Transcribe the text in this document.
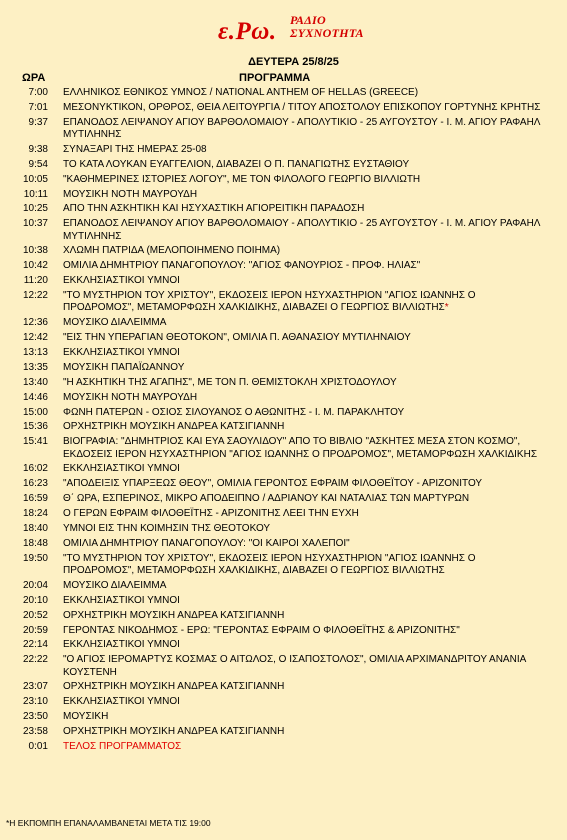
ε.Ρω. ΡΑΔΙΟ
ΣΥΧΝΟΤΗΤΑ
ΔΕΥΤΕΡΑ 25/8/25
ΩΡΑ	ΠΡΟΓΡΑΜΜΑ
7:00	ΕΛΛΗΝΙΚΟΣ ΕΘΝΙΚΟΣ ΥΜΝΟΣ / NATIONAL ANTHEM OF HELLAS (GREECE)
7:01	ΜΕΣΟΝΥΚΤΙΚΟΝ, ΟΡΘΡΟΣ, ΘΕΙΑ ΛΕΙΤΟΥΡΓΙΑ / ΤΙΤΟΥ ΑΠΟΣΤΟΛΟΥ ΕΠΙΣΚΟΠΟΥ ΓΟΡΤΥΝΗΣ ΚΡΗΤΗΣ
9:37	ΕΠΑΝΟΔΟΣ ΛΕΙΨΑΝΟΥ ΑΓΙΟΥ ΒΑΡΘΟΛΟΜΑΙΟΥ - ΑΠΟΛΥΤΙΚΙΟ - 25 ΑΥΓΟΥΣΤΟΥ - Ι. Μ. ΑΓΙΟΥ ΡΑΦΑΗΛ ΜΥΤΙΛΗΝΗΣ
9:38	ΣΥΝΑΞΑΡΙ ΤΗΣ ΗΜΕΡΑΣ 25-08
9:54	ΤΟ ΚΑΤΑ ΛΟΥΚΑΝ ΕΥΑΓΓΕΛΙΟΝ, ΔΙΑΒΑΖΕΙ Ο Π. ΠΑΝΑΓΙΩΤΗΣ ΕΥΣΤΑΘΙΟΥ
10:05	"ΚΑΘΗΜΕΡΙΝΕΣ ΙΣΤΟΡΙΕΣ ΛΟΓΟΥ", ΜΕ ΤΟΝ ΦΙΛΟΛΟΓΟ ΓΕΩΡΓΙΟ ΒΙΛΛΙΩΤΗ
10:11	ΜΟΥΣΙΚΗ ΝΟΤΗ ΜΑΥΡΟΥΔΗ
10:25	ΑΠΟ ΤΗΝ ΑΣΚΗΤΙΚΗ ΚΑΙ ΗΣΥΧΑΣΤΙΚΗ ΑΓΙΟΡΕΙΤΙΚΗ ΠΑΡΑΔΟΣΗ
10:37	ΕΠΑΝΟΔΟΣ ΛΕΙΨΑΝΟΥ ΑΓΙΟΥ ΒΑΡΘΟΛΟΜΑΙΟΥ - ΑΠΟΛΥΤΙΚΙΟ - 25 ΑΥΓΟΥΣΤΟΥ - Ι. Μ. ΑΓΙΟΥ ΡΑΦΑΗΛ ΜΥΤΙΛΗΝΗΣ
10:38	ΧΛΩΜΗ ΠΑΤΡΙΔΑ (ΜΕΛΟΠΟΙΗΜΕΝΟ ΠΟΙΗΜΑ)
10:42	ΟΜΙΛΙΑ ΔΗΜΗΤΡΙΟΥ ΠΑΝΑΓΟΠΟΥΛΟΥ: "ΑΓΙΟΣ ΦΑΝΟΥΡΙΟΣ - ΠΡΟΦ. ΗΛΙΑΣ"
11:20	ΕΚΚΛΗΣΙΑΣΤΙΚΟΙ ΥΜΝΟΙ
12:22	"ΤΟ ΜΥΣΤΗΡΙΟΝ ΤΟΥ ΧΡΙΣΤΟΥ", ΕΚΔΟΣΕΙΣ ΙΕΡΟΝ ΗΣΥΧΑΣΤΗΡΙΟΝ "ΑΓΙΟΣ ΙΩΑΝΝΗΣ Ο ΠΡΟΔΡΟΜΟΣ", ΜΕΤΑΜΟΡΦΩΣΗ ΧΑΛΚΙΔΙΚΗΣ, ΔΙΑΒΑΖΕΙ Ο ΓΕΩΡΓΙΟΣ ΒΙΛΛΙΩΤΗΣ*
12:36	ΜΟΥΣΙΚΟ ΔΙΑΛΕΙΜΜΑ
12:42	"ΕΙΣ ΤΗΝ ΥΠΕΡΑΓΙΑΝ ΘΕΟΤΟΚΟΝ", ΟΜΙΛΙΑ Π. ΑΘΑΝΑΣΙΟΥ ΜΥΤΙΛΗΝΑΙΟΥ
13:13	ΕΚΚΛΗΣΙΑΣΤΙΚΟΙ ΥΜΝΟΙ
13:35	ΜΟΥΣΙΚΗ ΠΑΠΑΪΩΑΝΝΟΥ
13:40	"Η ΑΣΚΗΤΙΚΗ ΤΗΣ ΑΓΑΠΗΣ", ΜΕ ΤΟΝ Π. ΘΕΜΙΣΤΟΚΛΗ ΧΡΙΣΤΟΔΟΥΛΟΥ
14:46	ΜΟΥΣΙΚΗ ΝΟΤΗ ΜΑΥΡΟΥΔΗ
15:00	ΦΩΝΗ ΠΑΤΕΡΩΝ - ΟΣΙΟΣ ΣΙΛΟΥΑΝΟΣ Ο ΑΘΩΝΙΤΗΣ - Ι. Μ. ΠΑΡΑΚΛΗΤΟΥ
15:36	ΟΡΧΗΣΤΡΙΚΗ ΜΟΥΣΙΚΗ ΑΝΔΡΕΑ ΚΑΤΣΙΓΙΑΝΝΗ
15:41	ΒΙΟΓΡΑΦΙΑ: "ΔΗΜΗΤΡΙΟΣ ΚΑΙ ΕΥΑ ΣΑΟΥΛΙΔΟΥ" ΑΠΟ ΤΟ ΒΙΒΛΙΟ "ΑΣΚΗΤΕΣ ΜΕΣΑ ΣΤΟΝ ΚΟΣΜΟ", ΕΚΔΟΣΕΙΣ ΙΕΡΟΝ ΗΣΥΧΑΣΤΗΡΙΟΝ "ΑΓΙΟΣ ΙΩΑΝΝΗΣ Ο ΠΡΟΔΡΟΜΟΣ", ΜΕΤΑΜΟΡΦΩΣΗ ΧΑΛΚΙΔΙΚΗΣ
16:02	ΕΚΚΛΗΣΙΑΣΤΙΚΟΙ ΥΜΝΟΙ
16:23	"ΑΠΟΔΕΙΞΙΣ ΥΠΑΡΞΕΩΣ ΘΕΟΥ", ΟΜΙΛΙΑ ΓΕΡΟΝΤΟΣ ΕΦΡΑΙΜ ΦΙΛΟΘΕΪΤΟΥ - ΑΡΙΖΟΝΙΤΟΥ
16:59	Θ΄ ΩΡΑ, ΕΣΠΕΡΙΝΟΣ, ΜΙΚΡΟ ΑΠΟΔΕΙΠΝΟ / ΑΔΡΙΑΝΟΥ ΚΑΙ ΝΑΤΑΛΙΑΣ ΤΩΝ ΜΑΡΤΥΡΩΝ
18:24	Ο ΓΕΡΩΝ ΕΦΡΑΙΜ ΦΙΛΟΘΕΪΤΗΣ - ΑΡΙΖΟΝΙΤΗΣ ΛΕΕΙ ΤΗΝ ΕΥΧΗ
18:40	ΥΜΝΟΙ ΕΙΣ ΤΗΝ ΚΟΙΜΗΣΙΝ ΤΗΣ ΘΕΟΤΟΚΟΥ
18:48	ΟΜΙΛΙΑ ΔΗΜΗΤΡΙΟΥ ΠΑΝΑΓΟΠΟΥΛΟΥ: "ΟΙ ΚΑΙΡΟΙ ΧΑΛΕΠΟΙ"
19:50	"ΤΟ ΜΥΣΤΗΡΙΟΝ ΤΟΥ ΧΡΙΣΤΟΥ", ΕΚΔΟΣΕΙΣ ΙΕΡΟΝ ΗΣΥΧΑΣΤΗΡΙΟΝ "ΑΓΙΟΣ ΙΩΑΝΝΗΣ Ο ΠΡΟΔΡΟΜΟΣ", ΜΕΤΑΜΟΡΦΩΣΗ ΧΑΛΚΙΔΙΚΗΣ, ΔΙΑΒΑΖΕΙ Ο ΓΕΩΡΓΙΟΣ ΒΙΛΛΙΩΤΗΣ
20:04	ΜΟΥΣΙΚΟ ΔΙΑΛΕΙΜΜΑ
20:10	ΕΚΚΛΗΣΙΑΣΤΙΚΟΙ ΥΜΝΟΙ
20:52	ΟΡΧΗΣΤΡΙΚΗ ΜΟΥΣΙΚΗ ΑΝΔΡΕΑ ΚΑΤΣΙΓΙΑΝΝΗ
20:59	ΓΕΡΟΝΤΑΣ ΝΙΚΟΔΗΜΟΣ - ΕΡΩ: "ΓΕΡΟΝΤΑΣ ΕΦΡΑΙΜ Ο ΦΙΛΟΘΕΪΤΗΣ & ΑΡΙΖΟΝΙΤΗΣ"
22:14	ΕΚΚΛΗΣΙΑΣΤΙΚΟΙ ΥΜΝΟΙ
22:22	"Ο ΑΓΙΟΣ ΙΕΡΟΜΑΡΤΥΣ ΚΟΣΜΑΣ Ο ΑΙΤΩΛΟΣ, Ο ΙΣΑΠΟΣΤΟΛΟΣ", ΟΜΙΛΙΑ ΑΡΧΙΜΑΝΔΡΙΤΟΥ ΑΝΑΝΙΑ ΚΟΥΣΤΕΝΗ
23:07	ΟΡΧΗΣΤΡΙΚΗ ΜΟΥΣΙΚΗ ΑΝΔΡΕΑ ΚΑΤΣΙΓΙΑΝΝΗ
23:10	ΕΚΚΛΗΣΙΑΣΤΙΚΟΙ ΥΜΝΟΙ
23:50	ΜΟΥΣΙΚΗ
23:58	ΟΡΧΗΣΤΡΙΚΗ ΜΟΥΣΙΚΗ ΑΝΔΡΕΑ ΚΑΤΣΙΓΙΑΝΝΗ
0:01	ΤΕΛΟΣ ΠΡΟΓΡΑΜΜΑΤΟΣ
*Η ΕΚΠΟΜΠΗ ΕΠΑΝΑΛΑΜΒΑΝΕΤΑΙ ΜΕΤΑ ΤΙΣ 19:00
